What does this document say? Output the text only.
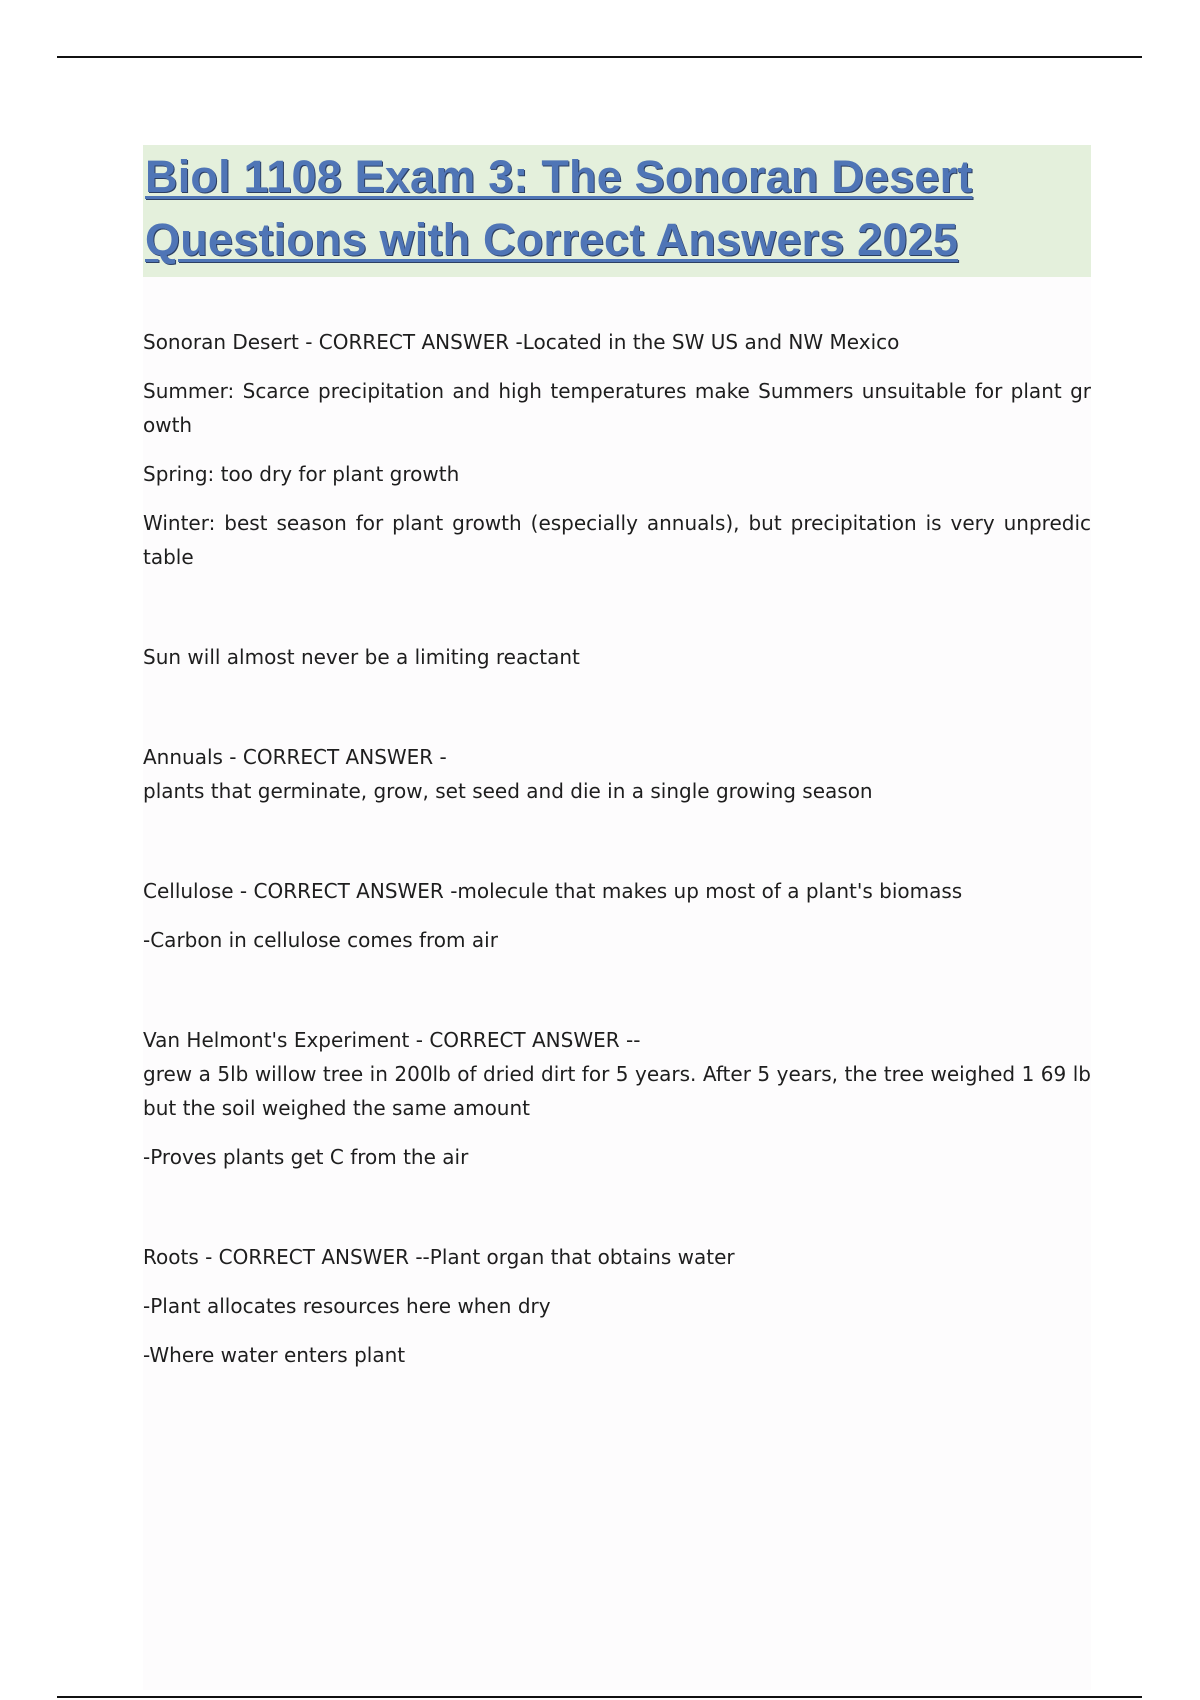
Biol 1108 Exam 3: The Sonoran Desert
Questions with Correct Answers 2025

Sonoran Desert - CORRECT ANSWER -Located in the SW US and NW Mexico

Summer: Scarce precipitation and high temperatures make Summers unsuitable for plant gr owth

Spring: too dry for plant growth

Winter: best season for plant growth (especially annuals), but precipitation is very unpredic table

Sun will almost never be a limiting reactant

Annuals - CORRECT ANSWER -

plants that germinate, grow, set seed and die in a single growing season

Cellulose - CORRECT ANSWER -molecule that makes up most of a plant's biomass

-Carbon in cellulose comes from air

Van Helmont's Experiment - CORRECT ANSWER --

grew a 5lb willow tree in 200lb of dried dirt for 5 years. After 5 years, the tree weighed 1 69 lb but the soil weighed the same amount

-Proves plants get C from the air

Roots - CORRECT ANSWER --Plant organ that obtains water

-Plant allocates resources here when dry

-Where water enters plant
